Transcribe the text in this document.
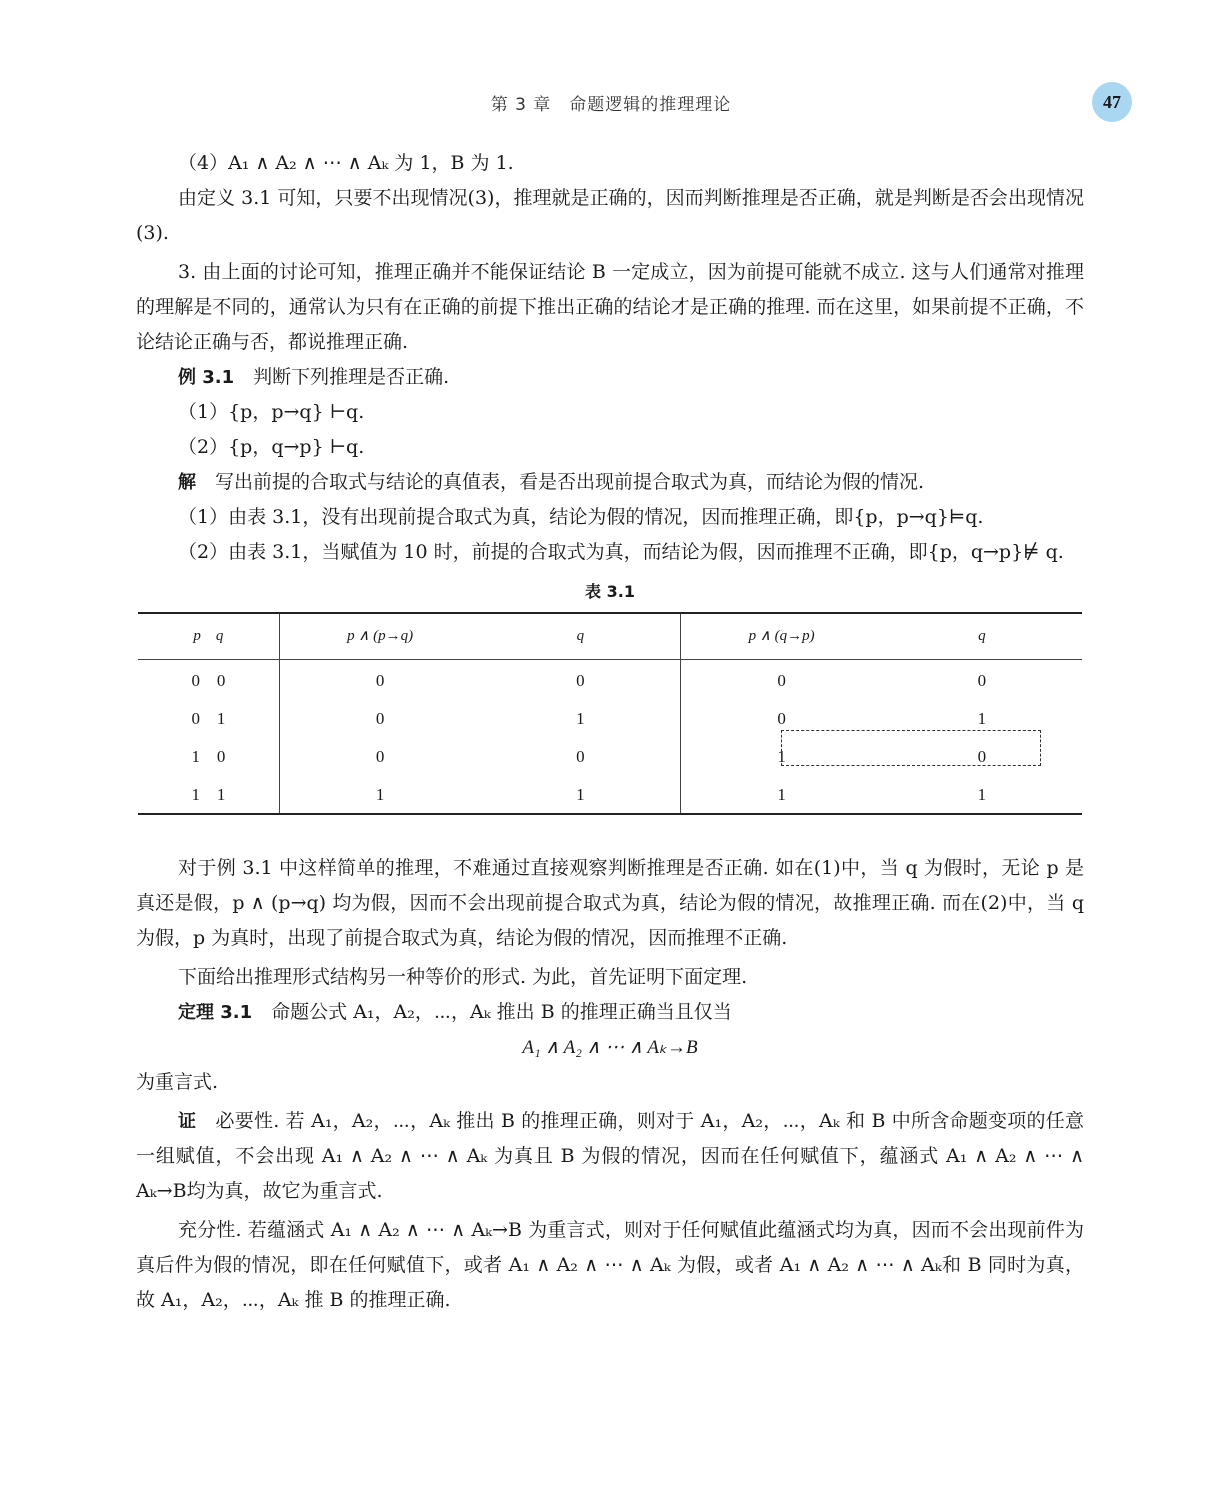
第 3 章　命题逻辑的推理理论	47

（4）A₁ ∧ A₂ ∧ ⋯ ∧ Aₖ 为 1，B 为 1.

由定义 3.1 可知，只要不出现情况(3)，推理就是正确的，因而判断推理是否正确，就是判断是否会出现情况(3).

3. 由上面的讨论可知，推理正确并不能保证结论 B 一定成立，因为前提可能就不成立. 这与人们通常对推理的理解是不同的，通常认为只有在正确的前提下推出正确的结论才是正确的推理. 而在这里，如果前提不正确，不论结论正确与否，都说推理正确.

例 3.1　 判断下列推理是否正确.

（1）{p，p→q} ⊢q.

（2）{p，q→p} ⊢q.

解　 写出前提的合取式与结论的真值表，看是否出现前提合取式为真，而结论为假的情况.

（1）由表 3.1，没有出现前提合取式为真，结论为假的情况，因而推理正确，即{p，p→q}⊨q.

（2）由表 3.1，当赋值为 10 时，前提的合取式为真，而结论为假，因而推理不正确，即{p，q→p}⊭ q.

表 3.1
p　q	p ∧ (p→q)	q	p ∧ (q→p)	q
0　0	0	0	0	0
0　1	0	1	0	1
1　0	0	0	1	0
1　1	1	1	1	1

对于例 3.1 中这样简单的推理，不难通过直接观察判断推理是否正确. 如在(1)中，当 q 为假时，无论 p 是真还是假，p ∧ (p→q) 均为假，因而不会出现前提合取式为真，结论为假的情况，故推理正确. 而在(2)中，当 q 为假，p 为真时，出现了前提合取式为真，结论为假的情况，因而推理不正确.

下面给出推理形式结构另一种等价的形式. 为此，首先证明下面定理.

定理 3.1　 命题公式 A₁，A₂，⋯，Aₖ 推出 B 的推理正确当且仅当

A₁ ∧ A₂ ∧ ⋯ ∧ Aₖ→B

为重言式.

证　 必要性. 若 A₁，A₂，⋯，Aₖ 推出 B 的推理正确，则对于 A₁，A₂，⋯，Aₖ 和 B 中所含命题变项的任意一组赋值，不会出现 A₁ ∧ A₂ ∧ ⋯ ∧ Aₖ 为真且 B 为假的情况，因而在任何赋值下，蕴涵式 A₁ ∧ A₂ ∧ ⋯ ∧ Aₖ→B均为真，故它为重言式.

充分性. 若蕴涵式 A₁ ∧ A₂ ∧ ⋯ ∧ Aₖ→B 为重言式，则对于任何赋值此蕴涵式均为真，因而不会出现前件为真后件为假的情况，即在任何赋值下，或者 A₁ ∧ A₂ ∧ ⋯ ∧ Aₖ 为假，或者 A₁ ∧ A₂ ∧ ⋯ ∧ Aₖ和 B 同时为真，故 A₁，A₂，⋯，Aₖ 推 B 的推理正确.
